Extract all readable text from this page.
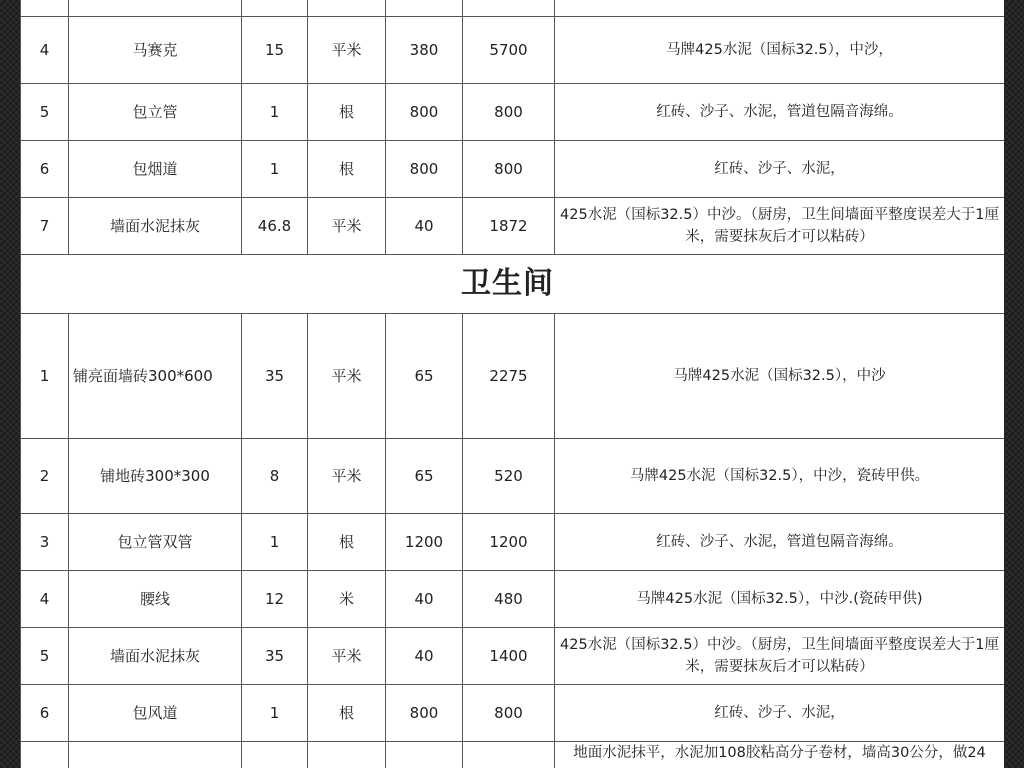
4	马赛克	15	平米	380	5700	马牌425水泥（国标32.5），中沙，
5	包立管	1	根	800	800	红砖、沙子、水泥，管道包隔音海绵。
6	包烟道	1	根	800	800	红砖、沙子、水泥，
7	墙面水泥抹灰	46.8	平米	40	1872	425水泥（国标32.5）中沙。（厨房，卫生间墙面平整度误差大于1厘米，需要抹灰后才可以粘砖）
卫生间						
1	铺亮面墙砖300*600	35	平米	65	2275	马牌425水泥（国标32.5），中沙
2	铺地砖300*300	8	平米	65	520	马牌425水泥（国标32.5），中沙，瓷砖甲供。
3	包立管双管	1	根	1200	1200	红砖、沙子、水泥，管道包隔音海绵。
4	腰线	12	米	40	480	马牌425水泥（国标32.5），中沙.(瓷砖甲供)
5	墙面水泥抹灰	35	平米	40	1400	425水泥（国标32.5）中沙。（厨房，卫生间墙面平整度误差大于1厘米，需要抹灰后才可以粘砖）
6	包风道	1	根	800	800	红砖、沙子、水泥，
						地面水泥抹平，水泥加108胶粘高分子卷材，墙高30公分，做24
